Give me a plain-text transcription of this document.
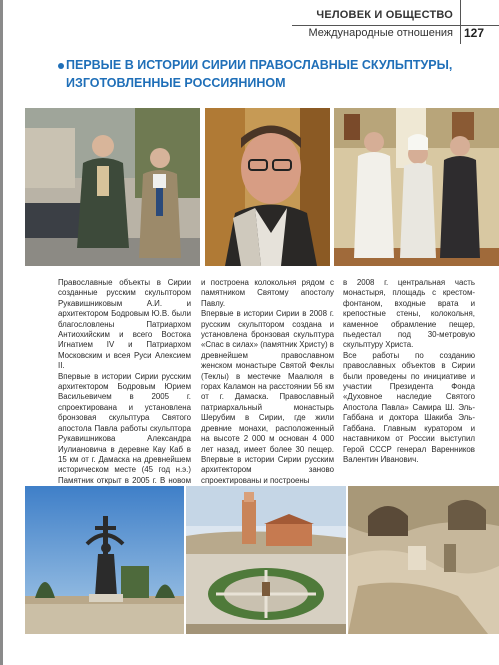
ЧЕЛОВЕК И ОБЩЕСТВО
Международные отношения 127
ПЕРВЫЕ В ИСТОРИИ СИРИИ ПРАВОСЛАВНЫЕ СКУЛЬПТУРЫ, ИЗГОТОВЛЕННЫЕ РОССИЯНИНОМ

Православные объекты в Сирии созданные русским скульптором Рукавишниковым А.И. и архитектором Бодровым Ю.В. были благословлены Патриархом Антиохийским и всего Востока Игнатием IV и Патриархом Московским и всея Руси Алексием II.

Впервые в истории Сирии русским архитектором Бодровым Юрием Васильевичем в 2005 г. спроектирована и установлена бронзовая скульптура Святого апостола Павла работы скульптора Рукавишникова Александра Иулиановича в деревне Кау Каб в 15 км от г. Дамаска на древнейшем историческом месте (45 год н.э.) Памятник открыт в 2005 г. В новом

и построена колокольня рядом с памятником Святому апостолу Павлу.

Впервые в истории Сирии в 2008 г. русским скульптором создана и установлена бронзовая скульптура «Спас в силах» (памятник Христу) в древнейшем православном женском монастыре Святой Феклы (Теклы) в местечке Маалюля в горах Каламон на расстоянии 56 км от г. Дамаска. Православный патриархальный монастырь Шерубим в Сирии, где жили древние монахи, расположенный на высоте 2 000 м основан 4 000 лет назад, имеет более 30 пещер. Впервые в истории Сирии русским архитектором заново спроектированы и построены

в 2008 г. центральная часть монастыря, площадь с крестом-фонтаном, входные врата и крепостные стены, колокольня, каменное обрамление пещер, пьедестал под 30-метровую скульптуру Христа.

Все работы по созданию православных объектов в Сирии были проведены по инициативе и участии Президента Фонда «Духовное наследие Святого Апостола Павла» Самира Ш. Эль-Габбана и доктора Шакиба Эль-Габбана. Главным куратором и наставником от России выступил Герой СССР генерал Варенников Валентин Иванович.
